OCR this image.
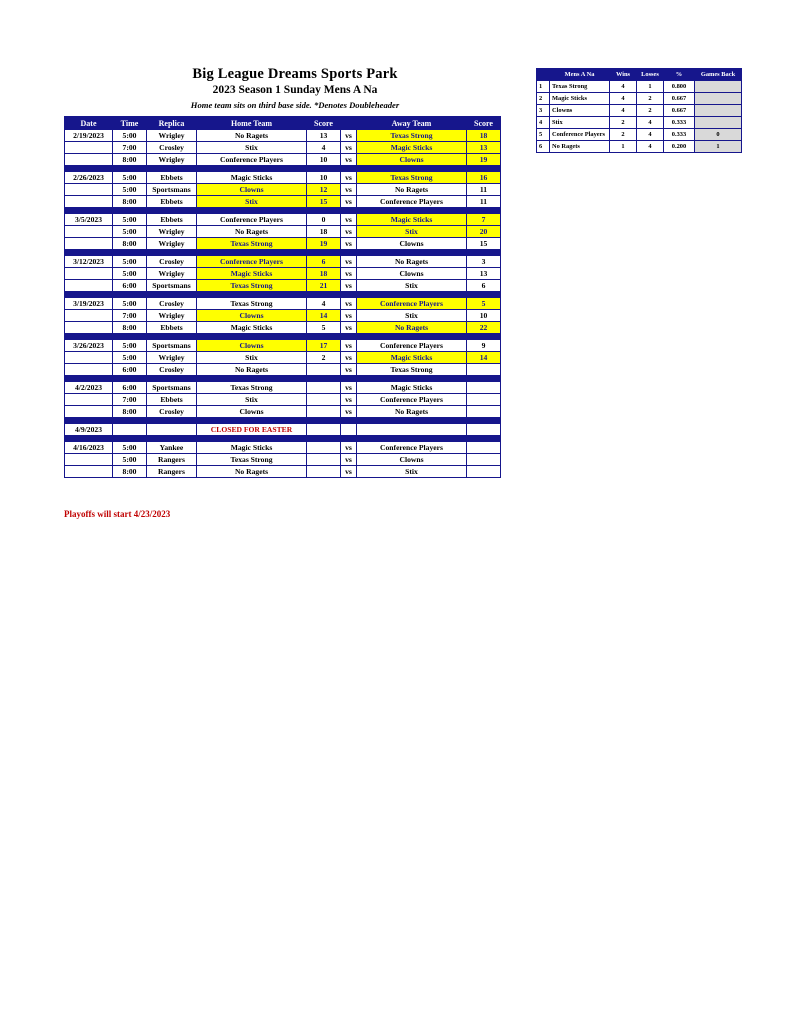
Big League Dreams Sports Park
2023 Season 1 Sunday Mens A Na
Home team sits on third base side. *Denotes Doubleheader
Date	Time	Replica	Home Team	Score		Away Team	Score
2/19/2023	5:00	Wrigley	No Ragets	13	vs	Texas Strong	18
	7:00	Crosley	Stix	4	vs	Magic Sticks	13
	8:00	Wrigley	Conference Players	10	vs	Clowns	19

2/26/2023	5:00	Ebbets	Magic Sticks	10	vs	Texas Strong	16
	5:00	Sportsmans	Clowns	12	vs	No Ragets	11
	8:00	Ebbets	Stix	15	vs	Conference Players	11

3/5/2023	5:00	Ebbets	Conference Players	0	vs	Magic Sticks	7
	5:00	Wrigley	No Ragets	18	vs	Stix	20
	8:00	Wrigley	Texas Strong	19	vs	Clowns	15

3/12/2023	5:00	Crosley	Conference Players	6	vs	No Ragets	3
	5:00	Wrigley	Magic Sticks	18	vs	Clowns	13
	6:00	Sportsmans	Texas Strong	21	vs	Stix	6

3/19/2023	5:00	Crosley	Texas Strong	4	vs	Conference Players	5
	7:00	Wrigley	Clowns	14	vs	Stix	10
	8:00	Ebbets	Magic Sticks	5	vs	No Ragets	22

3/26/2023	5:00	Sportsmans	Clowns	17	vs	Conference Players	9
	5:00	Wrigley	Stix	2	vs	Magic Sticks	14
	6:00	Crosley	No Ragets		vs	Texas Strong	

4/2/2023	6:00	Sportsmans	Texas Strong		vs	Magic Sticks	
	7:00	Ebbets	Stix		vs	Conference Players	
	8:00	Crosley	Clowns		vs	No Ragets	

4/9/2023			CLOSED FOR EASTER				

4/16/2023	5:00	Yankee	Magic Sticks		vs	Conference Players	
	5:00	Rangers	Texas Strong		vs	Clowns	
	8:00	Rangers	No Ragets		vs	Stix	
	Mens A Na	Wins	Losses	%	Games Back
1	Texas Strong	4	1	0.800	
2	Magic Sticks	4	2	0.667	
3	Clowns	4	2	0.667	
4	Stix	2	4	0.333	
5	Conference Players	2	4	0.333	0
6	No Ragets	1	4	0.200	1
Playoffs will start 4/23/2023
